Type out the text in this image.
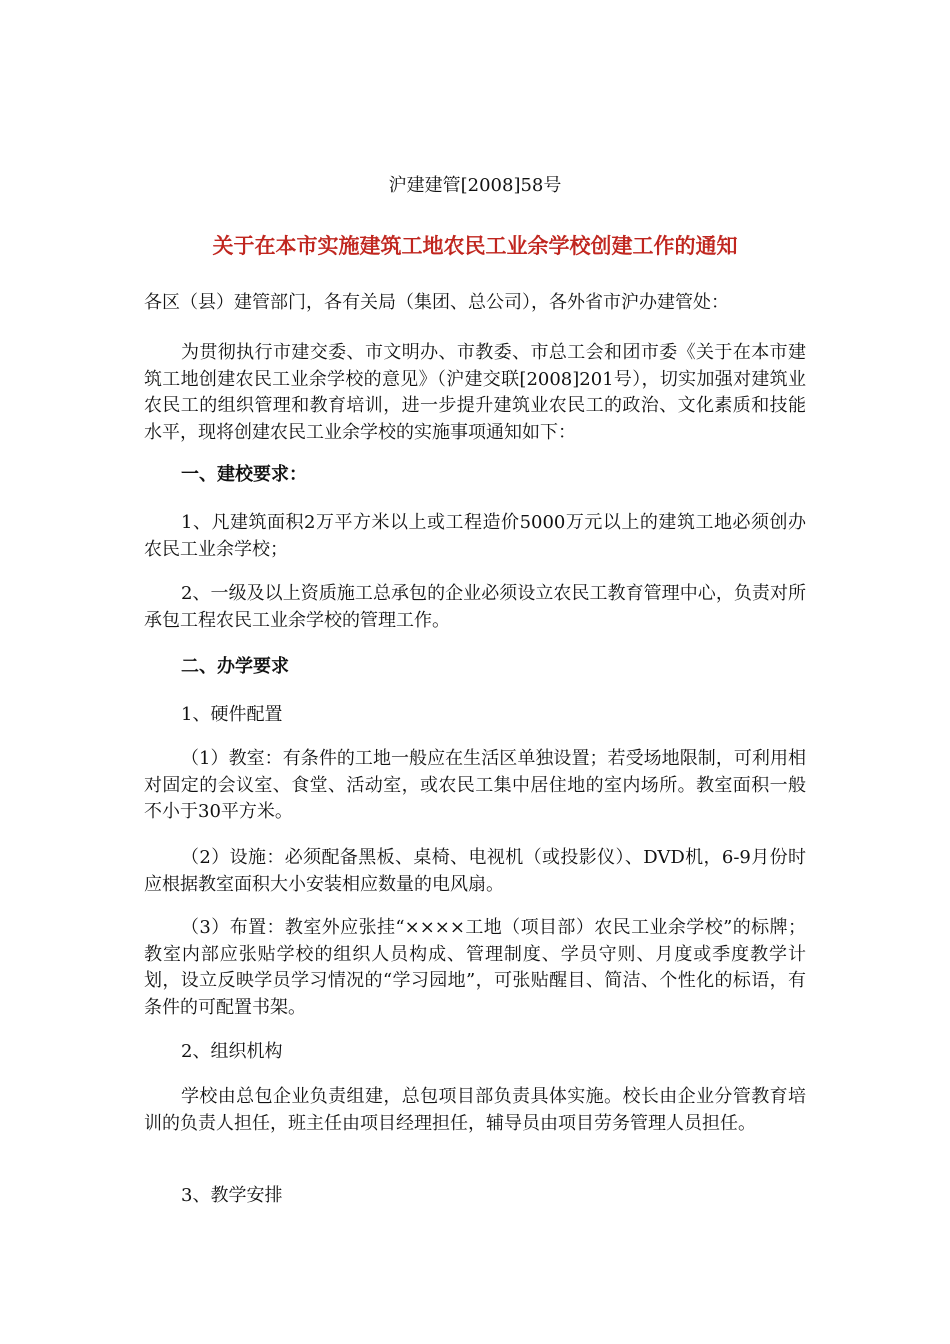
沪建建管[2008]58号
关于在本市实施建筑工地农民工业余学校创建工作的通知

各区（县）建管部门，各有关局（集团、总公司），各外省市沪办建管处：

为贯彻执行市建交委、市文明办、市教委、市总工会和团市委《关于在本市建筑工地创建农民工业余学校的意见》（沪建交联[2008]201号），切实加强对建筑业农民工的组织管理和教育培训，进一步提升建筑业农民工的政治、文化素质和技能水平，现将创建农民工业余学校的实施事项通知如下：

一、建校要求：

1、凡建筑面积2万平方米以上或工程造价5000万元以上的建筑工地必须创办农民工业余学校；

2、一级及以上资质施工总承包的企业必须设立农民工教育管理中心，负责对所承包工程农民工业余学校的管理工作。

二、办学要求

1、硬件配置

（1）教室：有条件的工地一般应在生活区单独设置；若受场地限制，可利用相对固定的会议室、食堂、活动室，或农民工集中居住地的室内场所。教室面积一般不小于30平方米。

（2）设施：必须配备黑板、桌椅、电视机（或投影仪）、DVD机，6-9月份时应根据教室面积大小安装相应数量的电风扇。

（3）布置：教室外应张挂“××××工地（项目部）农民工业余学校”的标牌；教室内部应张贴学校的组织人员构成、管理制度、学员守则、月度或季度教学计划，设立反映学员学习情况的“学习园地”，可张贴醒目、简洁、个性化的标语，有条件的可配置书架。

2、组织机构

学校由总包企业负责组建，总包项目部负责具体实施。校长由企业分管教育培训的负责人担任，班主任由项目经理担任，辅导员由项目劳务管理人员担任。

3、教学安排
